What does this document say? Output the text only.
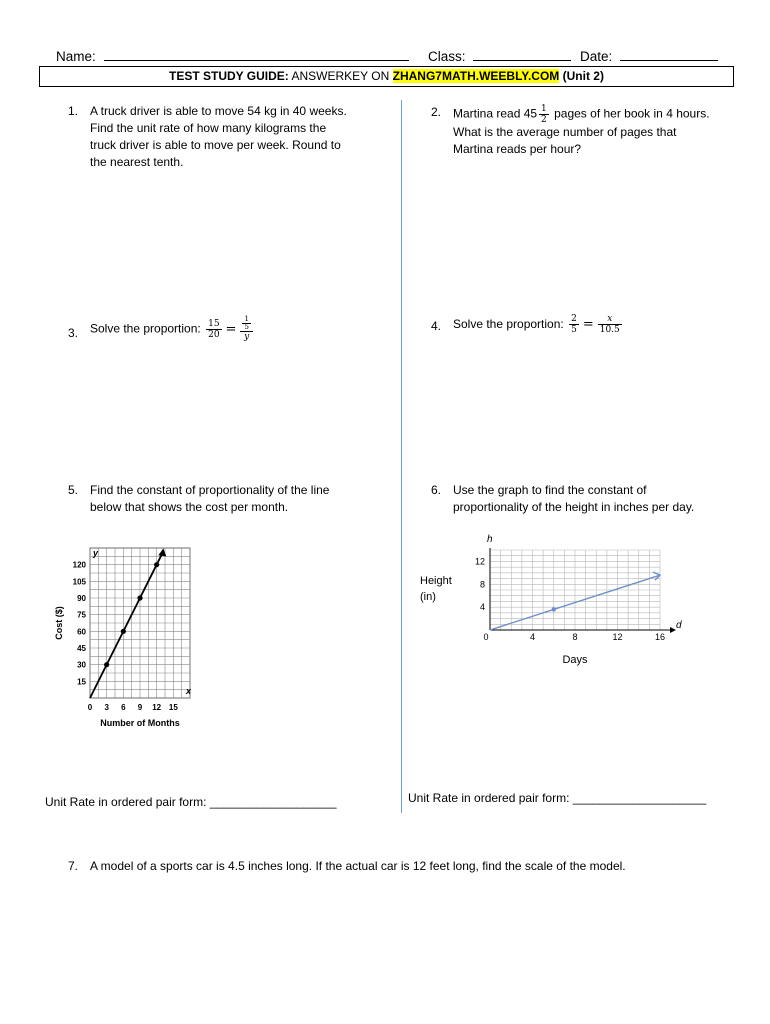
Name:	Class:	Date:
TEST STUDY GUIDE: ANSWERKEY ON ZHANG7MATH.WEEBLY.COM (Unit 2)
1. A truck driver is able to move 54 kg in 40 weeks.
Find the unit rate of how many kilograms the
truck driver is able to move per week. Round to
the nearest tenth.
2. Martina read $45 \frac{1}{2}$ pages of her book in 4 hours.
What is the average number of pages that
Martina reads per hour?
3. Solve the proportion: $\frac{15}{20} = \frac{\frac{1}{5}}{y}$	4. Solve the proportion: $\frac{2}{5} = \frac{x}{10.5}$
5. Find the constant of proportionality of the line
below that shows the cost per month.
6. Use the graph to find the constant of
proportionality of the height in inches per day.
0 3 6 9 12 15
15
30
45
60
75
90
105
120
x
y
Number of Months
Cost ($)	0	4	8	12	16
4
8
12
d
h
Days
Height
(in)
Unit Rate in ordered pair form: ___________________	Unit Rate in ordered pair form: ____________________
7. A model of a sports car is 4.5 inches long. If the actual car is 12 feet long, find the scale of the model.
